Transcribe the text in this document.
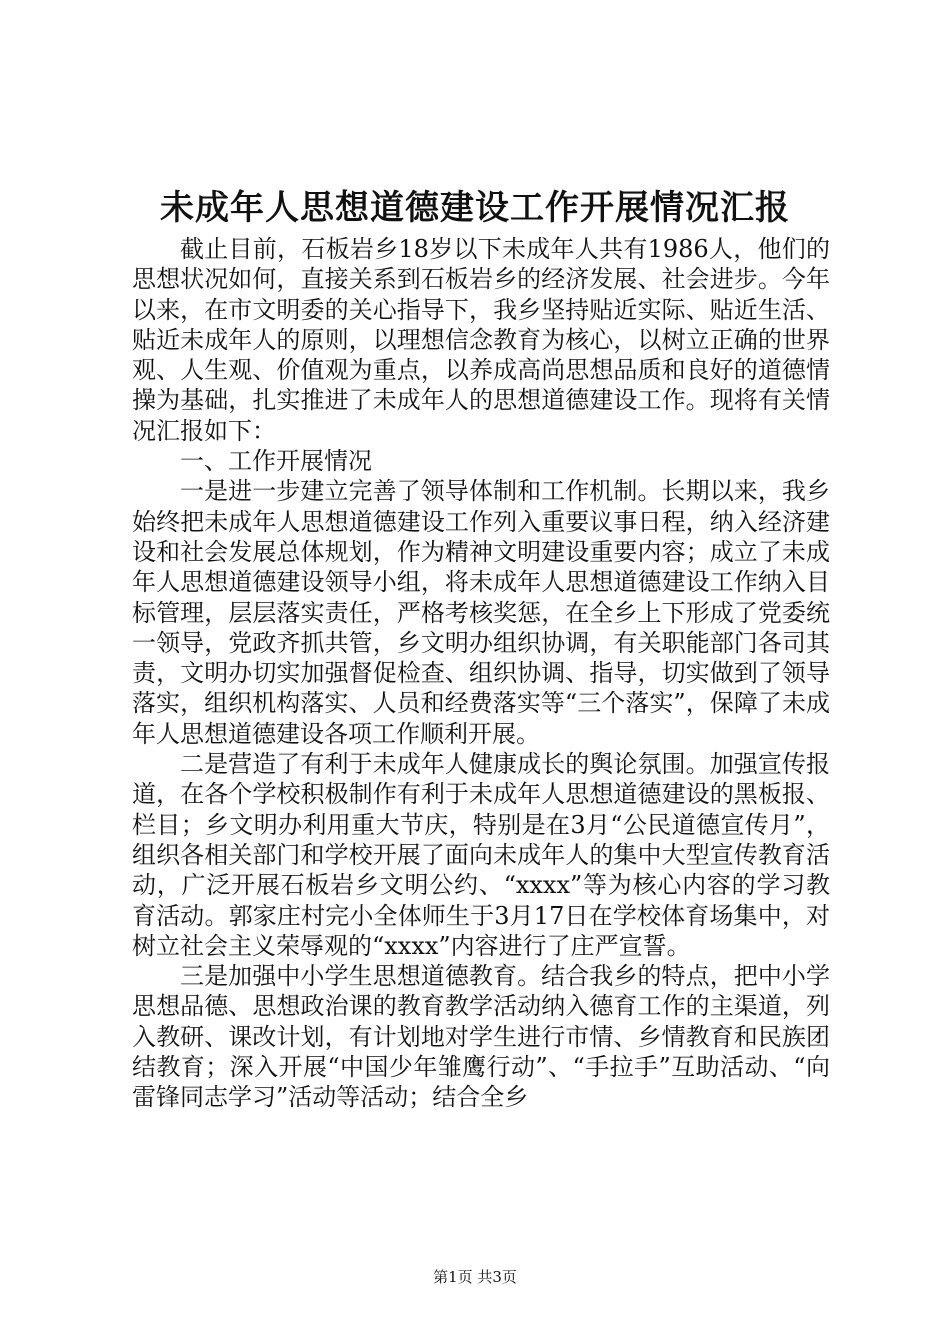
未成年人思想道德建设工作开展情况汇报

截止目前，石板岩乡18岁以下未成年人共有1986人，他们的思想状况如何，直接关系到石板岩乡的经济发展、社会进步。今年以来，在市文明委的关心指导下，我乡坚持贴近实际、贴近生活、贴近未成年人的原则，以理想信念教育为核心，以树立正确的世界观、人生观、价值观为重点，以养成高尚思想品质和良好的道德情操为基础，扎实推进了未成年人的思想道德建设工作。现将有关情况汇报如下：

一、工作开展情况

一是进一步建立完善了领导体制和工作机制。长期以来，我乡始终把未成年人思想道德建设工作列入重要议事日程，纳入经济建设和社会发展总体规划，作为精神文明建设重要内容；成立了未成年人思想道德建设领导小组，将未成年人思想道德建设工作纳入目标管理，层层落实责任，严格考核奖惩，在全乡上下形成了党委统一领导，党政齐抓共管，乡文明办组织协调，有关职能部门各司其责，文明办切实加强督促检查、组织协调、指导，切实做到了领导落实，组织机构落实、人员和经费落实等“三个落实”，保障了未成年人思想道德建设各项工作顺利开展。

二是营造了有利于未成年人健康成长的舆论氛围。加强宣传报道，在各个学校积极制作有利于未成年人思想道德建设的黑板报、栏目；乡文明办利用重大节庆，特别是在3月“公民道德宣传月”，组织各相关部门和学校开展了面向未成年人的集中大型宣传教育活动，广泛开展石板岩乡文明公约、“xxxx”等为核心内容的学习教育活动。郭家庄村完小全体师生于3月17日在学校体育场集中，对树立社会主义荣辱观的“xxxx”内容进行了庄严宣誓。

三是加强中小学生思想道德教育。结合我乡的特点，把中小学思想品德、思想政治课的教育教学活动纳入德育工作的主渠道，列入教研、课改计划，有计划地对学生进行市情、乡情教育和民族团结教育；深入开展“中国少年雏鹰行动”、“手拉手”互助活动、“向雷锋同志学习”活动等活动；结合全乡

第1页 共3页
